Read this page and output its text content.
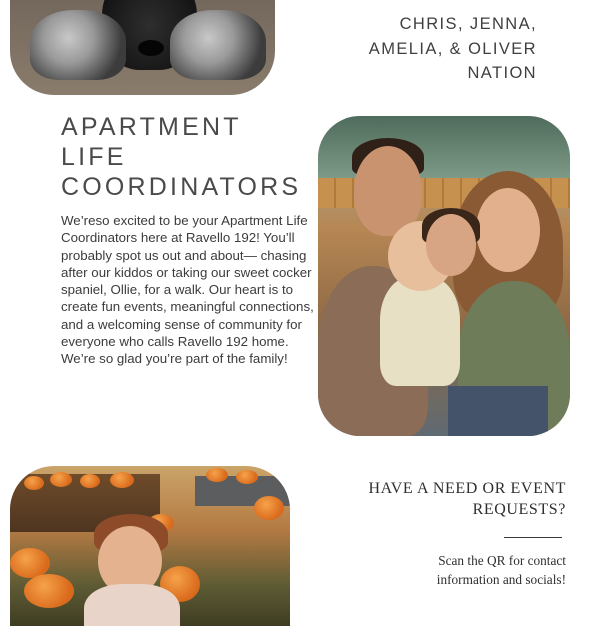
CHRIS, JENNA,
AMELIA, & OLIVER
NATION
APARTMENT
LIFE
COORDINATORS

We’reso excited to be your Apartment Life Coordinators here at Ravello 192! You’ll probably spot us out and about— chasing after our kiddos or taking our sweet cocker spaniel, Ollie, for a walk. Our heart is to create fun events, meaningful connections, and a welcoming sense of community for everyone who calls Ravello 192 home. We’re so glad you’re part of the family!

HAVE A NEED OR EVENT
REQUESTS?
Scan the QR for contact
information and socials!
